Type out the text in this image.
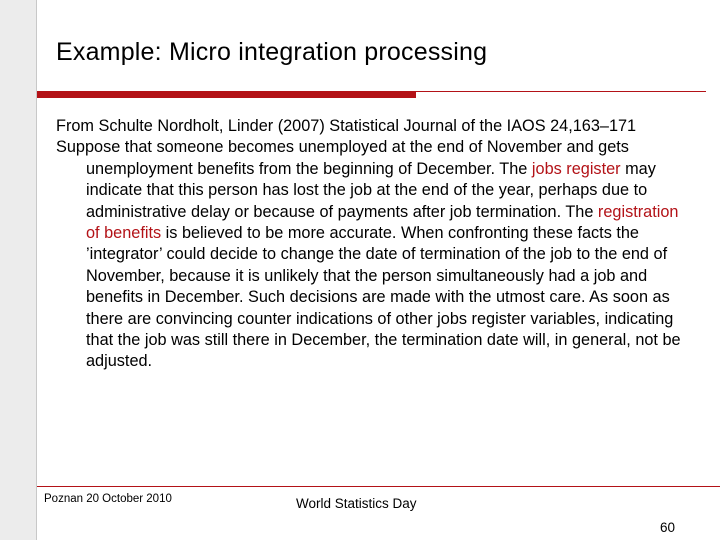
Example: Micro integration processing

From Schulte Nordholt, Linder (2007) Statistical Journal of the IAOS 24,163–171

Suppose that someone becomes unemployed at the end of November and gets unemployment benefits from the beginning of December. The jobs register may indicate that this person has lost the job at the end of the year, perhaps due to administrative delay or because of payments after job termination. The registration of benefits is believed to be more accurate. When confronting these facts the ’integrator’ could decide to change the date of termination of the job to the end of November, because it is unlikely that the person simultaneously had a job and benefits in December. Such decisions are made with the utmost care. As soon as there are convincing counter indications of other jobs register variables, indicating that the job was still there in December, the termination date will, in general, not be adjusted.

Poznan 20 October 2010	World Statistics Day
60
